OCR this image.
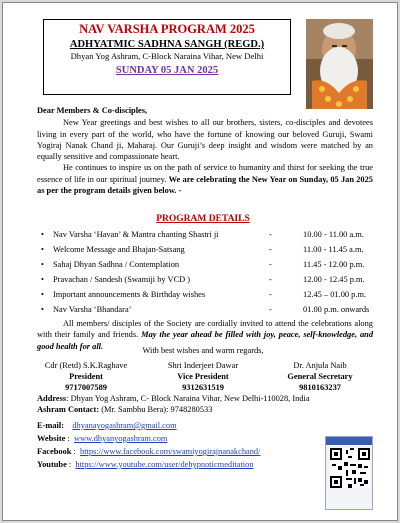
NAV VARSHA PROGRAM 2025
ADHYATMIC SADHNA SANGH (REGD.)
Dhyan Yog Ashram, C-Block Naraina Vihar, New Delhi
SUNDAY 05 JAN 2025
Dear Members & Co-disciples,

New Year greetings and best wishes to all our brothers, sisters, co-disciples and devotees living in every part of the world, who have the fortune of knowing our beloved Guruji, Swami Yogiraj Nanak Chand ji, Maharaj. Our Guruji’s deep insight and wisdom were matched by an equally sensitive and compassionate heart.

He continues to inspire us on the path of service to humanity and thirst for seeking the true essence of life in our spiritual journey. We are celebrating the New Year on Sunday, 05 Jan 2025 as per the program details given below. -

PROGRAM DETAILS
• Nav Varsha ‘Havan’ & Mantra chanting Shastri ji	-	10.00 - 11.00 a.m.
• Welcome Message and Bhajan-Satsang	-	11.00 - 11.45 a.m.
• Sahaj Dhyan Sadhna / Contemplation	-	11.45 - 12.00 p.m.
• Pravachan / Sandesh (Swamiji by VCD )	-	12.00 - 12.45 p.m.
• Important announcements & Birthday wishes	-	12.45 – 01.00 p.m.
• Nav Varsha ‘Bhandara’	-	01.00 p.m. onwards

All members/ disciples of the Society are cordially invited to attend the celebrations along with their family and friends. May the year ahead be filled with joy, peace, self-knowledge, and good health for all.	With best wishes and warm regards,
Cdr (Retd) S.K.Raghave
President
9717007589
Shri Inderjeet Dawar
Vice President
9312631519
Dr. Anjula Naib
General Secretary
9810163237
Address: Dhyan Yog Ashram, C- Block Naraina Vihar, New Delhi-110028, India
Ashram Contact: (Mr. Sambhu Bera): 9748280533
E-mail: dhyanayogashram@gmail.com
Website :  www.dhyanyogashram.com
Facebook :  https://www.facebook.com/swamiyogirajnanakchand/
Youtube :  https://www.youtube.com/user/dehypnoticmeditation
